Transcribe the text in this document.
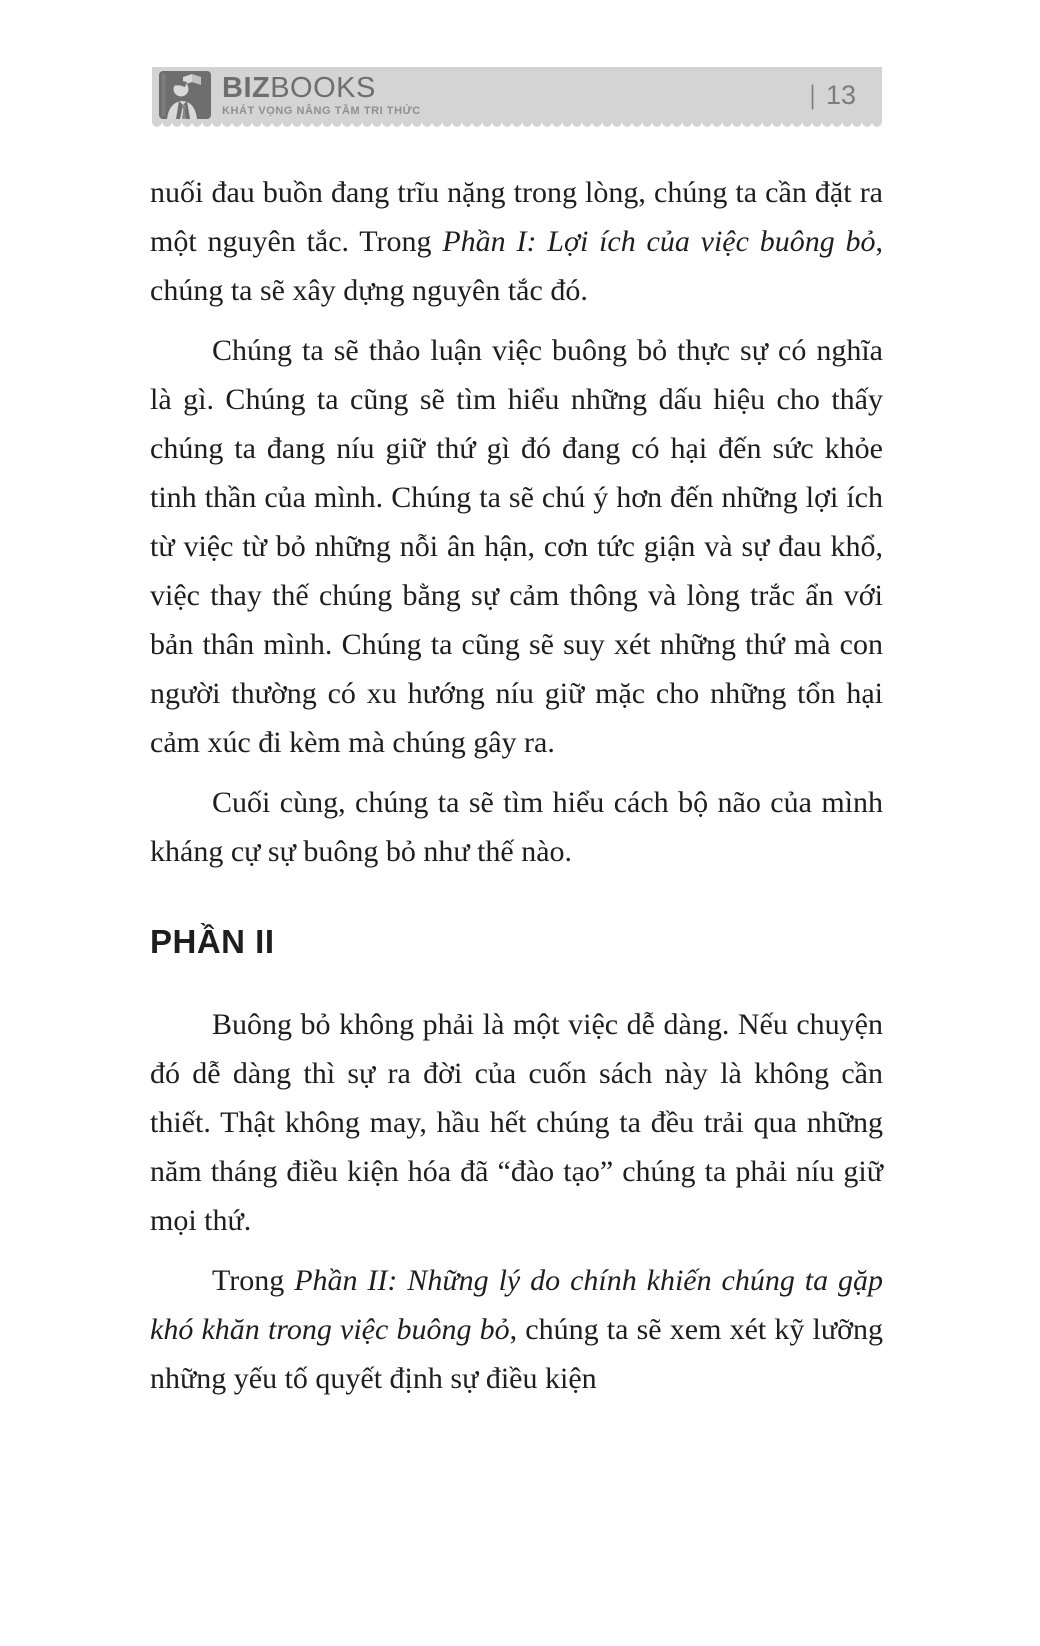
BIZBOOKS
KHÁT VỌNG NÂNG TẦM TRI THỨC
| 13

nuối đau buồn đang trĩu nặng trong lòng, chúng ta cần đặt ra một nguyên tắc. Trong Phần I: Lợi ích của việc buông bỏ, chúng ta sẽ xây dựng nguyên tắc đó.

Chúng ta sẽ thảo luận việc buông bỏ thực sự có nghĩa là gì. Chúng ta cũng sẽ tìm hiểu những dấu hiệu cho thấy chúng ta đang níu giữ thứ gì đó đang có hại đến sức khỏe tinh thần của mình. Chúng ta sẽ chú ý hơn đến những lợi ích từ việc từ bỏ những nỗi ân hận, cơn tức giận và sự đau khổ, việc thay thế chúng bằng sự cảm thông và lòng trắc ẩn với bản thân mình. Chúng ta cũng sẽ suy xét những thứ mà con người thường có xu hướng níu giữ mặc cho những tổn hại cảm xúc đi kèm mà chúng gây ra.

Cuối cùng, chúng ta sẽ tìm hiểu cách bộ não của mình kháng cự sự buông bỏ như thế nào.

PHẦN II

Buông bỏ không phải là một việc dễ dàng. Nếu chuyện đó dễ dàng thì sự ra đời của cuốn sách này là không cần thiết. Thật không may, hầu hết chúng ta đều trải qua những năm tháng điều kiện hóa đã “đào tạo” chúng ta phải níu giữ mọi thứ.

Trong Phần II: Những lý do chính khiến chúng ta gặp khó khăn trong việc buông bỏ, chúng ta sẽ xem xét kỹ lưỡng những yếu tố quyết định sự điều kiện
